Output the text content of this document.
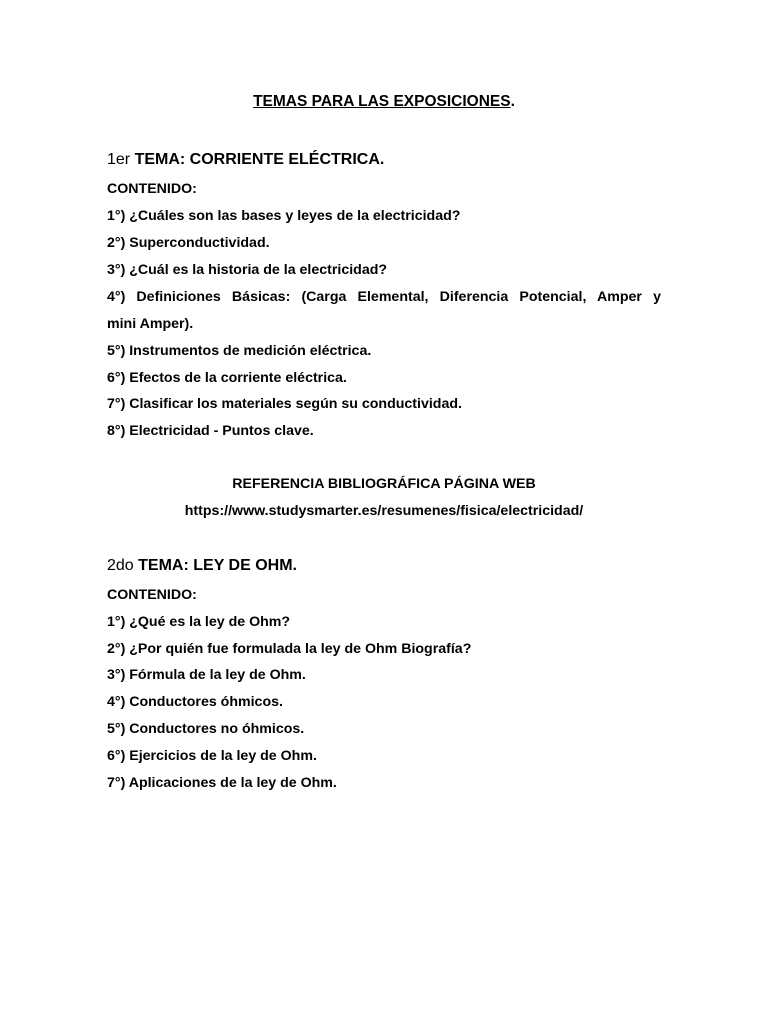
TEMAS PARA LAS EXPOSICIONES.
1er TEMA: CORRIENTE ELÉCTRICA.
CONTENIDO:
1°) ¿Cuáles son las bases y leyes de la electricidad?
2°) Superconductividad.
3°) ¿Cuál es la historia de la electricidad?
4°) Definiciones Básicas: (Carga Elemental, Diferencia Potencial, Amper y
mini Amper).
5°) Instrumentos de medición eléctrica.
6°) Efectos de la corriente eléctrica.
7°) Clasificar los materiales según su conductividad.
8°) Electricidad - Puntos clave.
REFERENCIA BIBLIOGRÁFICA PÁGINA WEB
https://www.studysmarter.es/resumenes/fisica/electricidad/
2do TEMA: LEY DE OHM.
CONTENIDO:
1°) ¿Qué es la ley de Ohm?
2°) ¿Por quién fue formulada la ley de Ohm Biografía?
3°) Fórmula de la ley de Ohm.
4°) Conductores óhmicos.
5°) Conductores no óhmicos.
6°) Ejercicios de la ley de Ohm.
7°) Aplicaciones de la ley de Ohm.
